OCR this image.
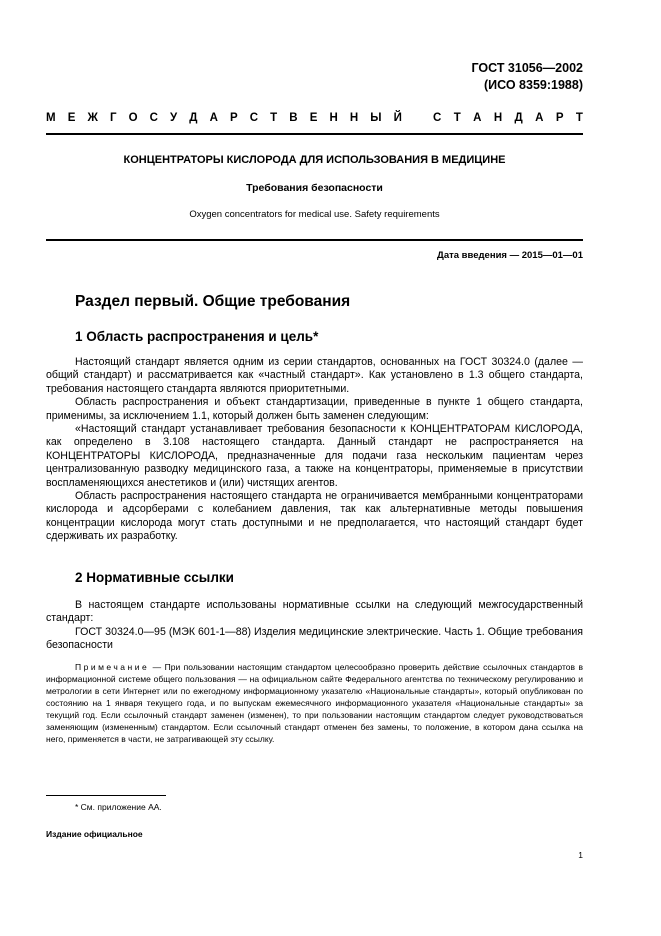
ГОСТ 31056—2002
(ИСО 8359:1988)
М Е Ж Г О С У Д А Р С Т В Е Н Н Ы Й	С Т А Н Д А Р Т
КОНЦЕНТРАТОРЫ КИСЛОРОДА ДЛЯ ИСПОЛЬЗОВАНИЯ В МЕДИЦИНЕ
Требования безопасности
Oxygen concentrators for medical use. Safety requirements
Дата введения — 2015—01—01
Раздел первый. Общие требования
1 Область распространения и цель*

Настоящий стандарт является одним из серии стандартов, основанных на ГОСТ 30324.0 (далее — общий стандарт) и рассматривается как «частный стандарт». Как установлено в 1.3 общего стандарта, требования настоящего стандарта являются приоритетными.

Область распространения и объект стандартизации, приведенные в пункте 1 общего стандарта, применимы, за исключением 1.1, который должен быть заменен следующим:

«Настоящий стандарт устанавливает требования безопасности к КОНЦЕНТРАТОРАМ КИСЛОРОДА, как определено в 3.108 настоящего стандарта. Данный стандарт не распространяется на КОНЦЕНТРАТОРЫ КИСЛОРОДА, предназначенные для подачи газа нескольким пациентам через централизованную разводку медицинского газа, а также на концентраторы, применяемые в присутствии воспламеняющихся анестетиков и (или) чистящих агентов.

Область распространения настоящего стандарта не ограничивается мембранными концентраторами кислорода и адсорберами с колебанием давления, так как альтернативные методы повышения концентрации кислорода могут стать доступными и не предполагается, что настоящий стандарт будет сдерживать их разработку.

2 Нормативные ссылки

В настоящем стандарте использованы нормативные ссылки на следующий межгосударственный стандарт:

ГОСТ 30324.0—95 (МЭК 601-1—88) Изделия медицинские электрические. Часть 1. Общие требования безопасности

Примечание — При пользовании настоящим стандартом целесообразно проверить действие ссылочных стандартов в информационной системе общего пользования — на официальном сайте Федерального агентства по техническому регулированию и метрологии в сети Интернет или по ежегодному информационному указателю «Национальные стандарты», который опубликован по состоянию на 1 января текущего года, и по выпускам ежемесячного информационного указателя «Национальные стандарты» за текущий год. Если ссылочный стандарт заменен (изменен), то при пользовании настоящим стандартом следует руководствоваться заменяющим (измененным) стандартом. Если ссылочный стандарт отменен без замены, то положение, в котором дана ссылка на него, применяется в части, не затрагивающей эту ссылку.
* См. приложение АА.
Издание официальное
1
